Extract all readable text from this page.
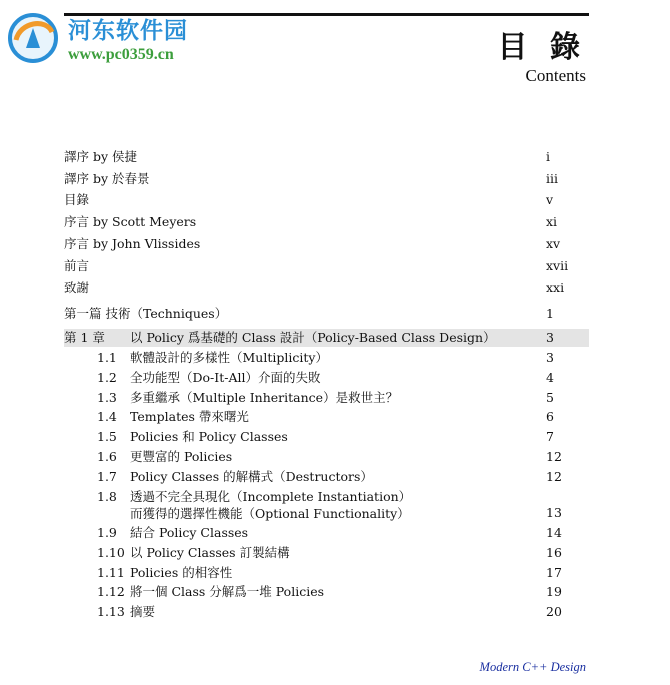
河东软件园
www.pc0359.cn	目 錄
Contents
譯序 by 侯捷	i
譯序 by 於春景	iii
目錄	v
序言 by Scott Meyers	xi
序言 by John Vlissides	xv
前言	xvii
致謝	xxi
第一篇 技術（Techniques）	1
第 1 章 以 Policy 爲基礎的 Class 設計（Policy-Based Class Design）	3
1.1 軟體設計的多樣性（Multiplicity）	3
1.2 全功能型（Do-It-All）介面的失敗	4
1.3 多重繼承（Multiple Inheritance）是救世主？	5
1.4 Templates 帶來曙光	6
1.5 Policies 和 Policy Classes	7
1.6 更豐富的 Policies	12
1.7 Policy Classes 的解構式（Destructors）	12
1.8 透過不完全具現化（Incomplete Instantiation）
而獲得的選擇性機能（Optional Functionality）	13
1.9 結合 Policy Classes	14
1.10 以 Policy Classes 訂製結構	16
1.11 Policies 的相容性	17
1.12 將一個 Class 分解爲一堆 Policies	19
1.13 摘要	20
Modern C++ Design
